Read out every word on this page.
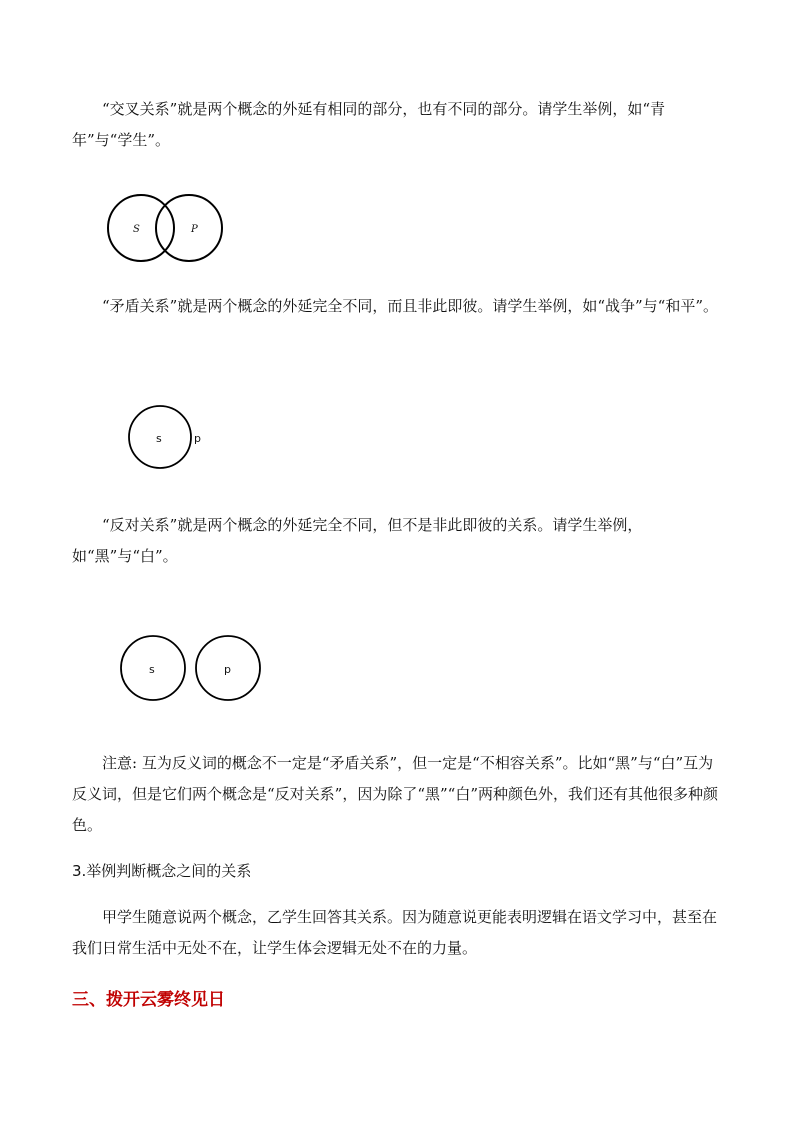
“交叉关系”就是两个概念的外延有相同的部分，也有不同的部分。请学生举例，如“青年”与“学生”。

S	P

“矛盾关系”就是两个概念的外延完全不同，而且非此即彼。请学生举例，如“战争”与“和平”。

s	p

“反对关系”就是两个概念的外延完全不同，但不是非此即彼的关系。请学生举例，如“黑”与“白”。

s	p

注意: 互为反义词的概念不一定是“矛盾关系”，但一定是“不相容关系”。比如“黑”与“白”互为反义词，但是它们两个概念是“反对关系”，因为除了“黑”“白”两种颜色外，我们还有其他很多种颜色。

3.举例判断概念之间的关系

甲学生随意说两个概念，乙学生回答其关系。因为随意说更能表明逻辑在语文学习中，甚至在我们日常生活中无处不在，让学生体会逻辑无处不在的力量。

三、拨开云雾终见日
